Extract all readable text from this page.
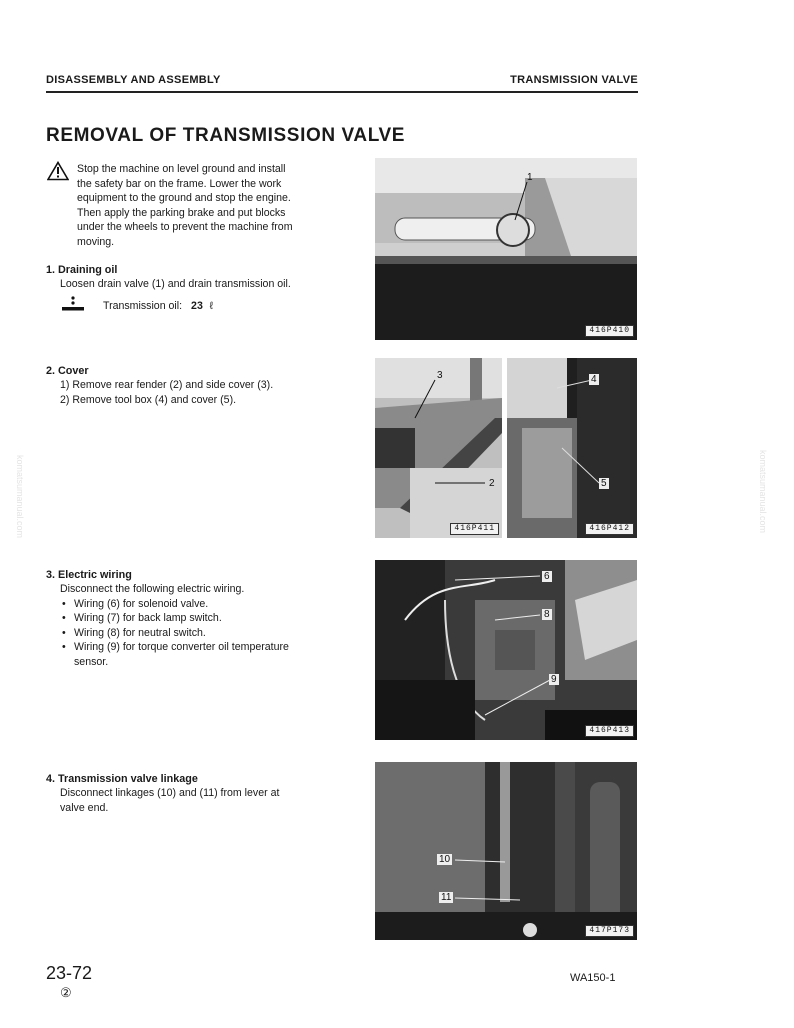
DISASSEMBLY AND ASSEMBLY	TRANSMISSION VALVE
REMOVAL OF TRANSMISSION VALVE
Stop the machine on level ground and install
the safety bar on the frame. Lower the work
equipment to the ground and stop the engine.
Then apply the parking brake and put blocks
under the wheels to prevent the machine from
moving.
1. Draining oil
Loosen drain valve (1) and drain transmission oil.
Transmission oil: 23 ℓ
2. Cover
1) Remove rear fender (2) and side cover (3).
2) Remove tool box (4) and cover (5).
3. Electric wiring
Disconnect the following electric wiring.
• Wiring (6) for solenoid valve.
• Wiring (7) for back lamp switch.
• Wiring (8) for neutral switch.
• Wiring (9) for torque converter oil temperature
sensor.
4. Transmission valve linkage
Disconnect linkages (10) and (11) from lever at
valve end.
1
416P410
3
2
416P411
4
5
416P412
6
8
9
416P413
10
11
417P173
komatsumanual.com	komatsumanual.com
23-72
②
WA150-1
